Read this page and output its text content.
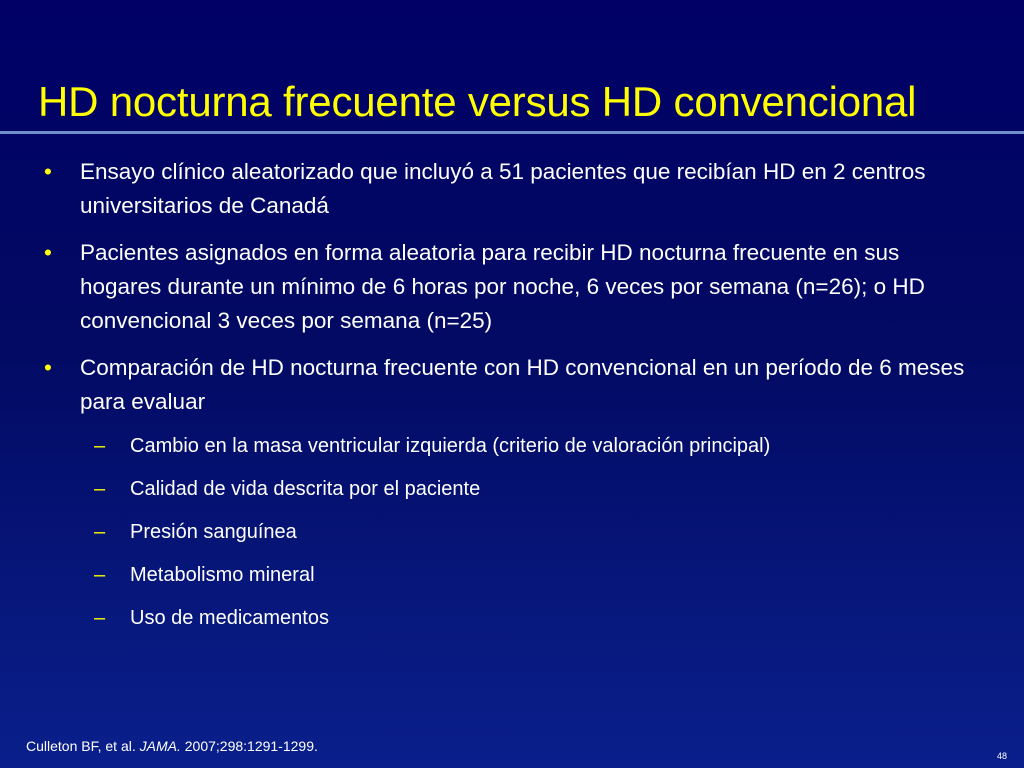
HD nocturna frecuente versus HD convencional
• Ensayo clínico aleatorizado que incluyó a 51 pacientes que recibían HD en 2 centros universitarios de Canadá
• Pacientes asignados en forma aleatoria para recibir HD nocturna frecuente en sus hogares durante un mínimo de 6 horas por noche, 6 veces por semana (n=26); o HD convencional 3 veces por semana (n=25)
• Comparación de HD nocturna frecuente con HD convencional en un período de 6 meses para evaluar
– Cambio en la masa ventricular izquierda (criterio de valoración principal)
– Calidad de vida descrita por el paciente
– Presión sanguínea
– Metabolismo mineral
– Uso de medicamentos
Culleton BF, et al. JAMA. 2007;298:1291-1299.
48
